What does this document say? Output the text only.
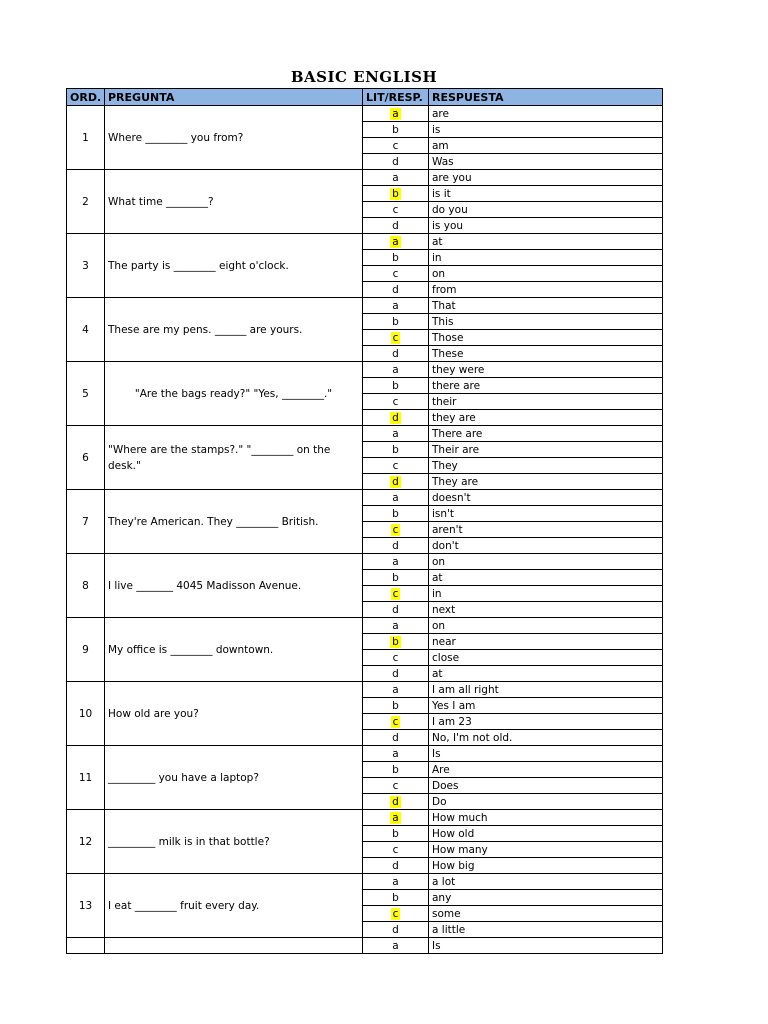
BASIC ENGLISH
ORD.	PREGUNTA	LIT/RESP.	RESPUESTA
1	Where ________ you from?	a	are
		b	is
		c	am
		d	Was
2	What time ________?	a	are you
		b	is it
		c	do you
		d	is you
3	The party is ________ eight o'clock.	a	at
		b	in
		c	on
		d	from
4	These are my pens. ______ are yours.	a	That
		b	This
		c	Those
		d	These
5	"Are the bags ready?" "Yes, ________."	a	they were
		b	there are
		c	their
		d	they are
6	"Where are the stamps?." "________ on the desk."	a	There are
		b	Their are
		c	They
		d	They are
7	They're American. They ________ British.	a	doesn't
		b	isn't
		c	aren't
		d	don't
8	I live _______ 4045 Madisson Avenue.	a	on
		b	at
		c	in
		d	next
9	My office is ________ downtown.	a	on
		b	near
		c	close
		d	at
10	How old are you?	a	I am all right
		b	Yes I am
		c	I am 23
		d	No, I'm not old.
11	_________ you have a laptop?	a	Is
		b	Are
		c	Does
		d	Do
12	_________ milk is in that bottle?	a	How much
		b	How old
		c	How many
		d	How big
13	I eat ________ fruit every day.	a	a lot
		b	any
		c	some
		d	a little
		a	Is
